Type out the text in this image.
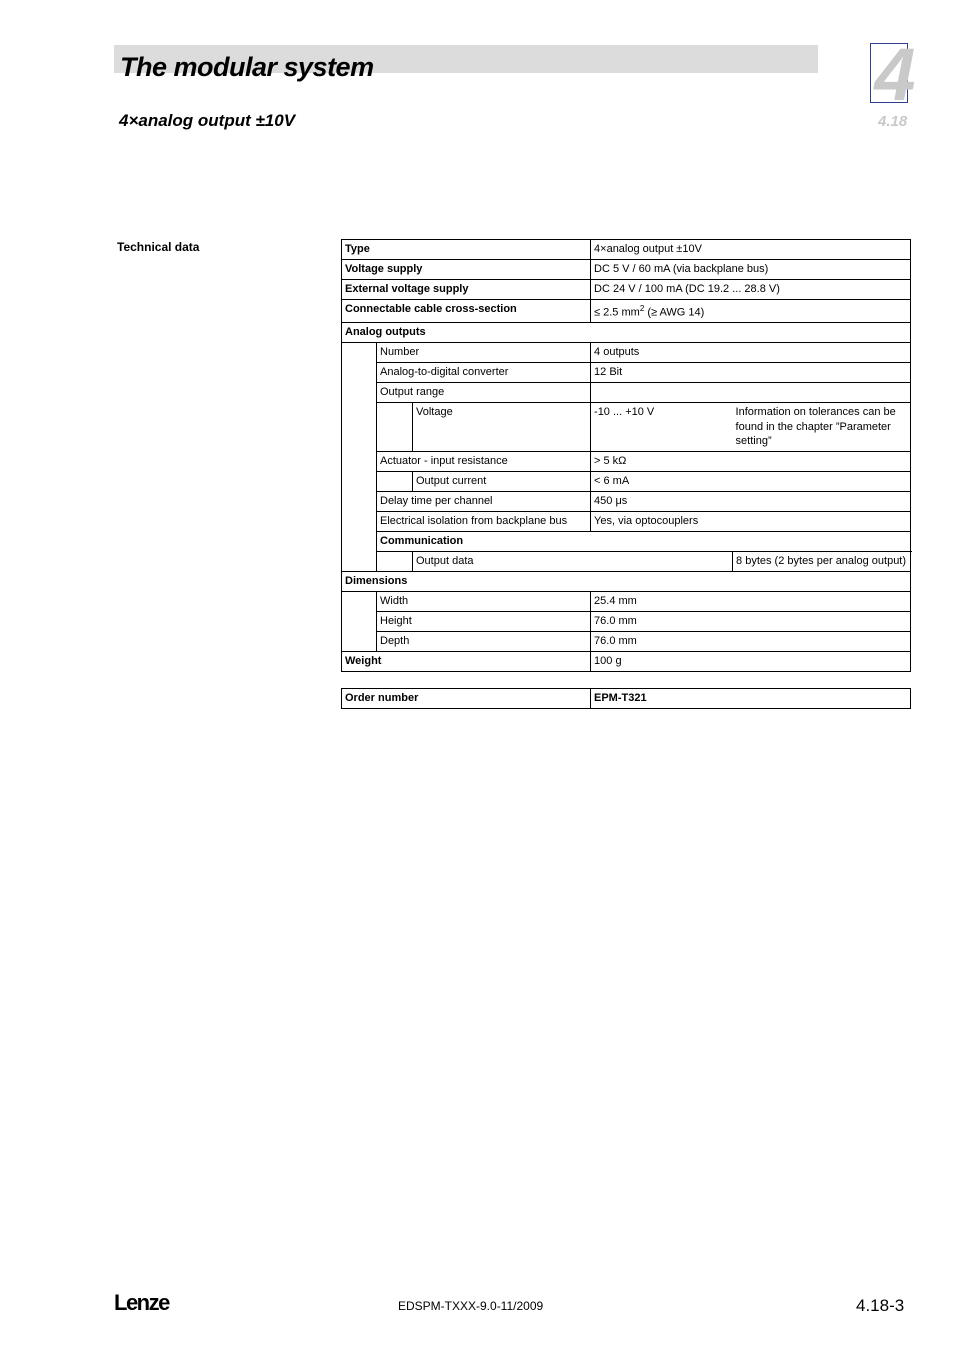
The modular system
4×analog output ±10V
4
4.18
Technical data	Type			4×analog output ±10V	
Voltage supply			DC 5 V / 60 mA (via backplane bus)	
External voltage supply			DC 24 V / 100 mA (DC 19.2 ... 28.8 V)	
Connectable cable cross-section			≤ 2.5 $mm^2$ (≥ AWG 14)	
Analog outputs				
	Number		4 outputs	
	Analog-to-digital converter		12 Bit	
	Output range			
		Voltage	-10 ... +10 V	Information on tolerances can be found in the chapter ”Parameter setting”
	Actuator - input resistance		> 5 kΩ	
		Output current	< 6 mA	
	Delay time per channel		450 μs	
	Electrical isolation from backplane bus		Yes, via optocouplers	
	Communication			
		Output data		8 bytes (2 bytes per analog output)
Dimensions				
	Width		25.4 mm	
	Height		76.0 mm	
	Depth		76.0 mm	
Weight			100 g	
Order number	EPM-T321
Lenze	EDSPM-TXXX-9.0-11/2009	4.18-3
